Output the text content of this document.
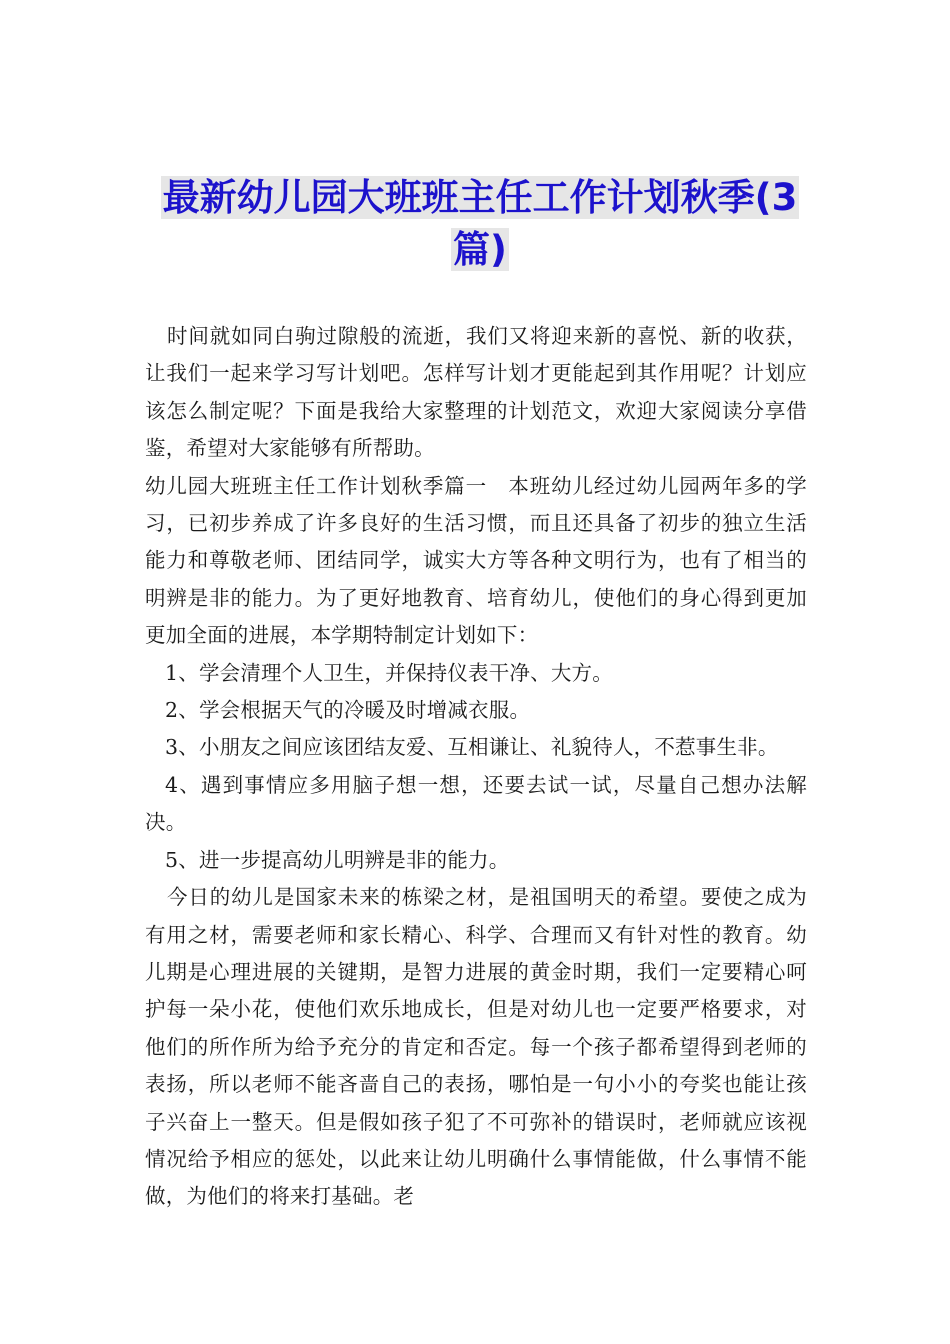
最新幼儿园大班班主任工作计划秋季(3
篇)

时间就如同白驹过隙般的流逝，我们又将迎来新的喜悦、新的收获，让我们一起来学习写计划吧。怎样写计划才更能起到其作用呢？计划应该怎么制定呢？下面是我给大家整理的计划范文，欢迎大家阅读分享借鉴，希望对大家能够有所帮助。

幼儿园大班班主任工作计划秋季篇一　本班幼儿经过幼儿园两年多的学习，已初步养成了许多良好的生活习惯，而且还具备了初步的独立生活能力和尊敬老师、团结同学，诚实大方等各种文明行为，也有了相当的明辨是非的能力。为了更好地教育、培育幼儿，使他们的身心得到更加更加全面的进展，本学期特制定计划如下：

1、学会清理个人卫生，并保持仪表干净、大方。

2、学会根据天气的冷暖及时增减衣服。

3、小朋友之间应该团结友爱、互相谦让、礼貌待人，不惹事生非。

4、遇到事情应多用脑子想一想，还要去试一试，尽量自己想办法解决。

5、进一步提高幼儿明辨是非的能力。

今日的幼儿是国家未来的栋梁之材，是祖国明天的希望。要使之成为有用之材，需要老师和家长精心、科学、合理而又有针对性的教育。幼儿期是心理进展的关键期，是智力进展的黄金时期，我们一定要精心呵护每一朵小花，使他们欢乐地成长，但是对幼儿也一定要严格要求，对他们的所作所为给予充分的肯定和否定。每一个孩子都希望得到老师的表扬，所以老师不能吝啬自己的表扬，哪怕是一句小小的夸奖也能让孩子兴奋上一整天。但是假如孩子犯了不可弥补的错误时，老师就应该视情况给予相应的惩处，以此来让幼儿明确什么事情能做，什么事情不能做，为他们的将来打基础。老
